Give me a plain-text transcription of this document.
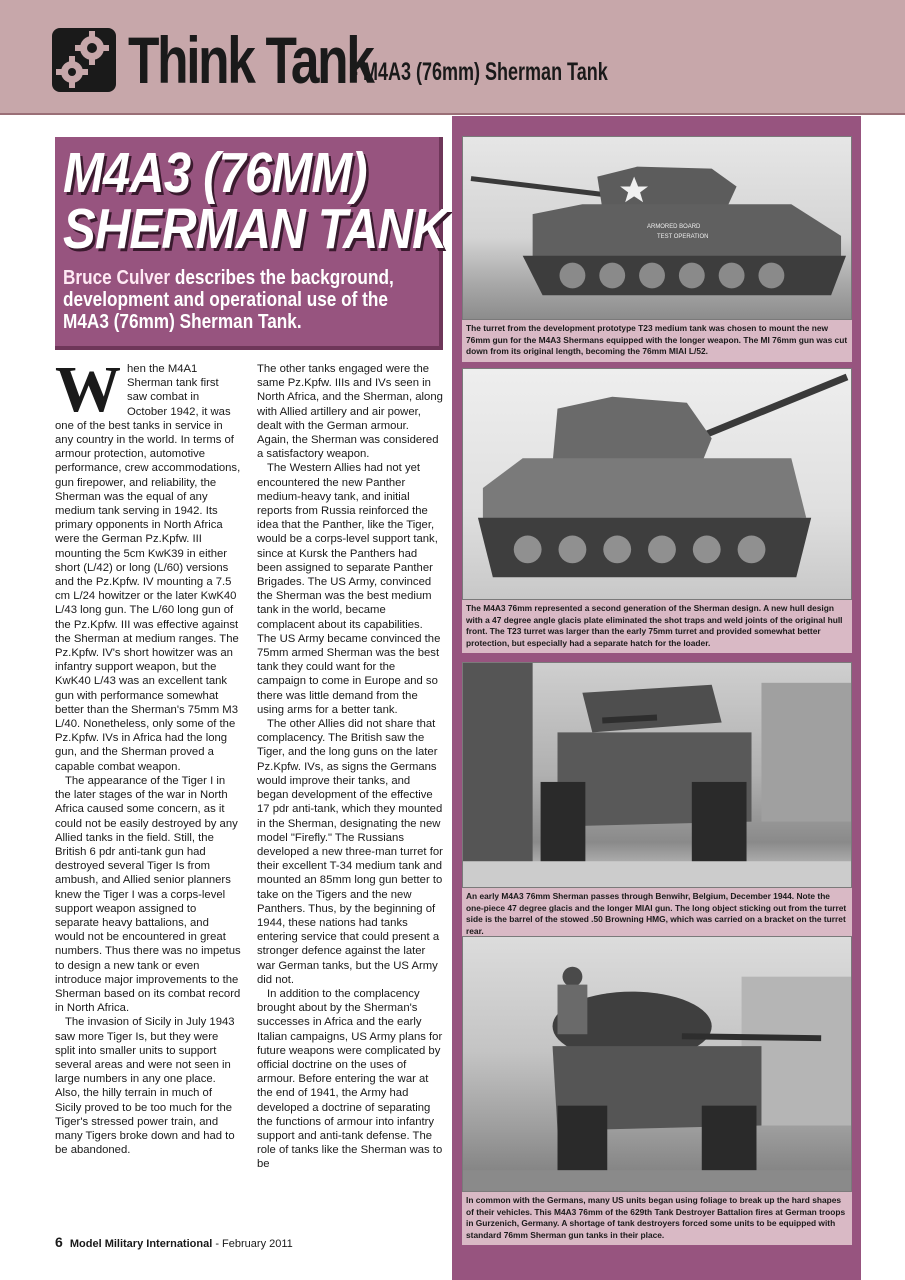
Think Tank
- M4A3 (76mm) Sherman Tank
M4A3 (76MM)
SHERMAN TANK
Bruce Culver describes the background, development and operational use of the M4A3 (76mm) Sherman Tank.

When the M4A1 Sherman tank first saw combat in October 1942, it was one of the best tanks in service in any country in the world. In terms of armour protection, automotive performance, crew accommodations, gun firepower, and reliability, the Sherman was the equal of any medium tank serving in 1942. Its primary opponents in North Africa were the German Pz.Kpfw. III mounting the 5cm KwK39 in either short (L/42) or long (L/60) versions and the Pz.Kpfw. IV mounting a 7.5 cm L/24 howitzer or the later KwK40 L/43 long gun. The L/60 long gun of the Pz.Kpfw. III was effective against the Sherman at medium ranges. The Pz.Kpfw. IV's short howitzer was an infantry support weapon, but the KwK40 L/43 was an excellent tank gun with performance somewhat better than the Sherman's 75mm M3 L/40. Nonetheless, only some of the Pz.Kpfw. IVs in Africa had the long gun, and the Sherman proved a capable combat weapon.

The appearance of the Tiger I in the later stages of the war in North Africa caused some concern, as it could not be easily destroyed by any Allied tanks in the field. Still, the British 6 pdr anti-tank gun had destroyed several Tiger Is from ambush, and Allied senior planners knew the Tiger I was a corps-level support weapon assigned to separate heavy battalions, and would not be encountered in great numbers. Thus there was no impetus to design a new tank or even introduce major improvements to the Sherman based on its combat record in North Africa.

The invasion of Sicily in July 1943 saw more Tiger Is, but they were split into smaller units to support several areas and were not seen in large numbers in any one place. Also, the hilly terrain in much of Sicily proved to be too much for the Tiger's stressed power train, and many Tigers broke down and had to be abandoned.

The other tanks engaged were the same Pz.Kpfw. IIIs and IVs seen in North Africa, and the Sherman, along with Allied artillery and air power, dealt with the German armour. Again, the Sherman was considered a satisfactory weapon.

The Western Allies had not yet encountered the new Panther medium-heavy tank, and initial reports from Russia reinforced the idea that the Panther, like the Tiger, would be a corps-level support tank, since at Kursk the Panthers had been assigned to separate Panther Brigades. The US Army, convinced the Sherman was the best medium tank in the world, became complacent about its capabilities. The US Army became convinced the 75mm armed Sherman was the best tank they could want for the campaign to come in Europe and so there was little demand from the using arms for a better tank.

The other Allies did not share that complacency. The British saw the Tiger, and the long guns on the later Pz.Kpfw. IVs, as signs the Germans would improve their tanks, and began development of the effective 17 pdr anti-tank, which they mounted in the Sherman, designating the new model "Firefly." The Russians developed a new three-man turret for their excellent T-34 medium tank and mounted an 85mm long gun better to take on the Tigers and the new Panthers. Thus, by the beginning of 1944, these nations had tanks entering service that could present a stronger defence against the later war German tanks, but the US Army did not.

In addition to the complacency brought about by the Sherman's successes in Africa and the early Italian campaigns, US Army plans for future weapons were complicated by official doctrine on the uses of armour. Before entering the war at the end of 1941, the Army had developed a doctrine of separating the functions of armour into infantry support and anti-tank defense. The role of tanks like the Sherman was to be

6 Model Military International - February 2011
ARMORED BOARD
TEST OPERATION
The turret from the development prototype T23 medium tank was chosen to mount the new 76mm gun for the M4A3 Shermans equipped with the longer weapon. The MI 76mm gun was cut down from its original length, becoming the 76mm MIAI L/52.
The M4A3 76mm represented a second generation of the Sherman design. A new hull design with a 47 degree angle glacis plate eliminated the shot traps and weld joints of the original hull front. The T23 turret was larger than the early 75mm turret and provided somewhat better protection, but especially had a separate hatch for the loader.
An early M4A3 76mm Sherman passes through Benwihr, Belgium, December 1944. Note the one-piece 47 degree glacis and the longer MIAI gun. The long object sticking out from the turret side is the barrel of the stowed .50 Browning HMG, which was carried on a bracket on the turret rear.
In common with the Germans, many US units began using foliage to break up the hard shapes of their vehicles. This M4A3 76mm of the 629th Tank Destroyer Battalion fires at German troops in Gurzenich, Germany. A shortage of tank destroyers forced some units to be equipped with standard 76mm Sherman gun tanks in their place.
